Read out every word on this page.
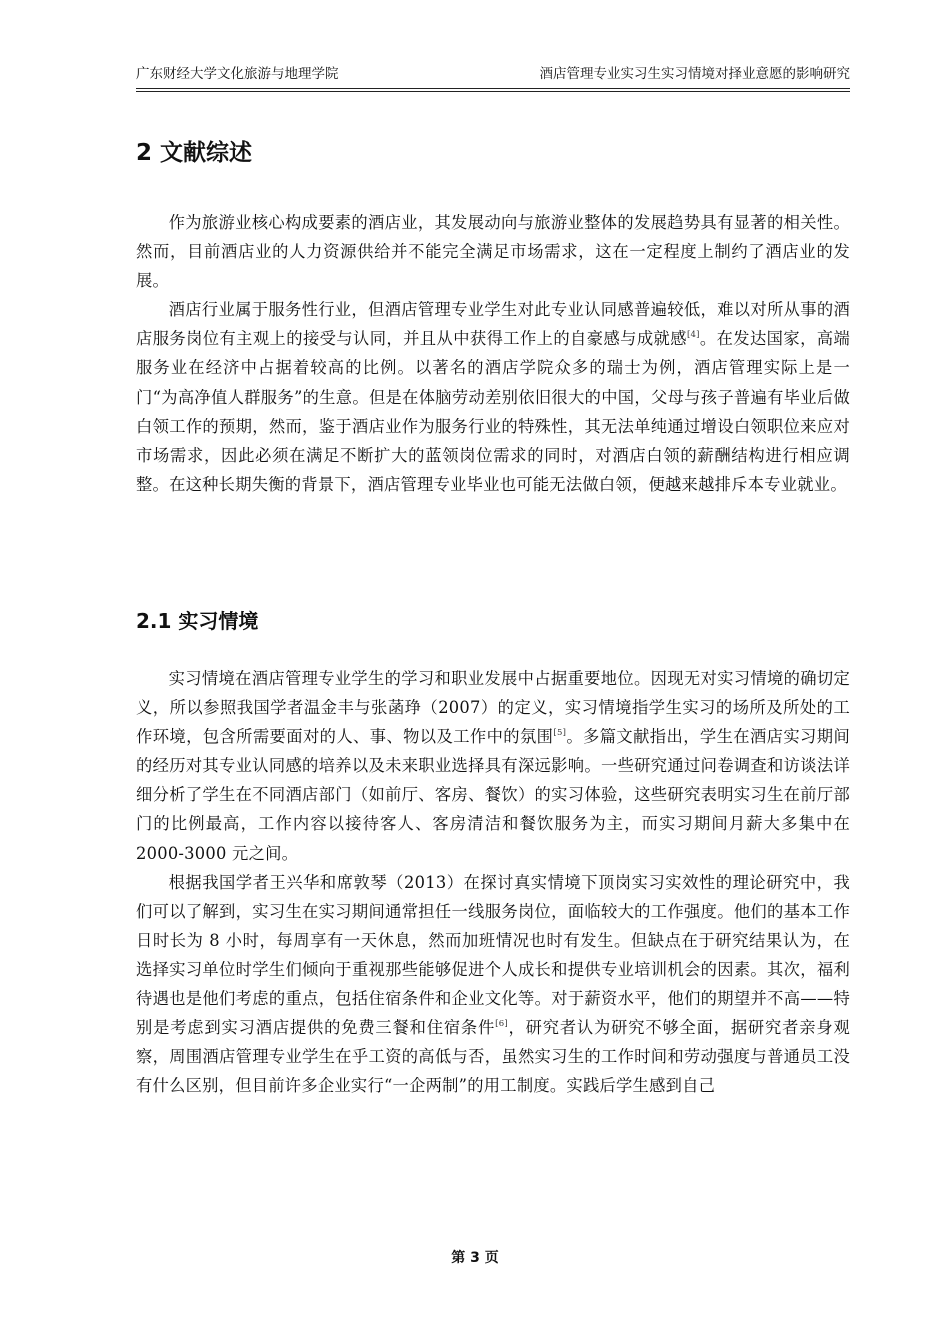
广东财经大学文化旅游与地理学院	酒店管理专业实习生实习情境对择业意愿的影响研究
2 文献综述

作为旅游业核心构成要素的酒店业，其发展动向与旅游业整体的发展趋势具有显著的相关性。然而，目前酒店业的人力资源供给并不能完全满足市场需求，这在一定程度上制约了酒店业的发展。

酒店行业属于服务性行业，但酒店管理专业学生对此专业认同感普遍较低，难以对所从事的酒店服务岗位有主观上的接受与认同，并且从中获得工作上的自豪感与成就感[4]。在发达国家，高端服务业在经济中占据着较高的比例。以著名的酒店学院众多的瑞士为例，酒店管理实际上是一门“为高净值人群服务”的生意。但是在体脑劳动差别依旧很大的中国，父母与孩子普遍有毕业后做白领工作的预期，然而，鉴于酒店业作为服务行业的特殊性，其无法单纯通过增设白领职位来应对市场需求，因此必须在满足不断扩大的蓝领岗位需求的同时，对酒店白领的薪酬结构进行相应调整。在这种长期失衡的背景下，酒店管理专业毕业也可能无法做白领，便越来越排斥本专业就业。

2.1 实习情境

实习情境在酒店管理专业学生的学习和职业发展中占据重要地位。因现无对实习情境的确切定义，所以参照我国学者温金丰与张菡琤（2007）的定义，实习情境指学生实习的场所及所处的工作环境，包含所需要面对的人、事、物以及工作中的氛围[5]。多篇文献指出，学生在酒店实习期间的经历对其专业认同感的培养以及未来职业选择具有深远影响。一些研究通过问卷调查和访谈法详细分析了学生在不同酒店部门（如前厅、客房、餐饮）的实习体验，这些研究表明实习生在前厅部门的比例最高，工作内容以接待客人、客房清洁和餐饮服务为主，而实习期间月薪大多集中在 2000-3000 元之间。

根据我国学者王兴华和席敦琴（2013）在探讨真实情境下顶岗实习实效性的理论研究中，我们可以了解到，实习生在实习期间通常担任一线服务岗位，面临较大的工作强度。他们的基本工作日时长为 8 小时，每周享有一天休息，然而加班情况也时有发生。但缺点在于研究结果认为，在选择实习单位时学生们倾向于重视那些能够促进个人成长和提供专业培训机会的因素。其次，福利待遇也是他们考虑的重点，包括住宿条件和企业文化等。对于薪资水平，他们的期望并不高——特别是考虑到实习酒店提供的免费三餐和住宿条件[6]，研究者认为研究不够全面，据研究者亲身观察，周围酒店管理专业学生在乎工资的高低与否，虽然实习生的工作时间和劳动强度与普通员工没有什么区别，但目前许多企业实行“一企两制”的用工制度。实践后学生感到自己

第 3 页
